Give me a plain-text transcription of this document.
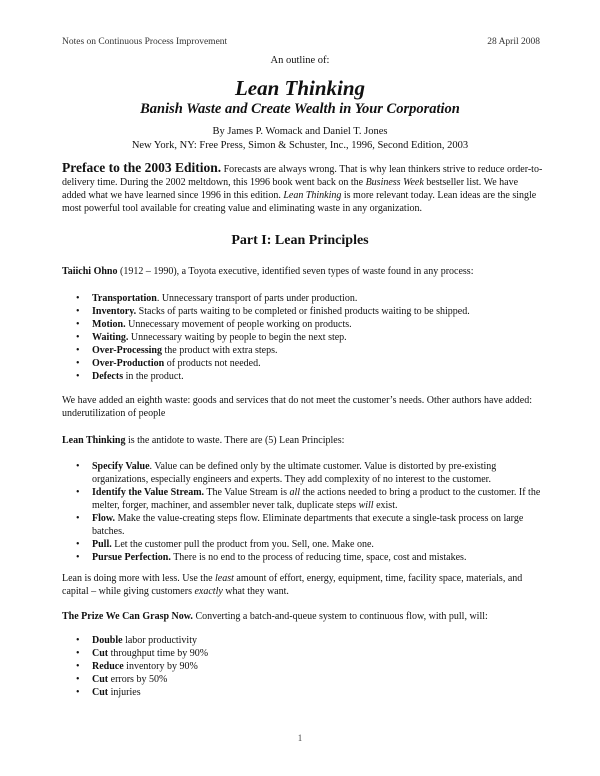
Notes on Continuous Process Improvement	28 April 2008
An outline of:
Lean Thinking
Banish Waste and Create Wealth in Your Corporation
By James P. Womack and Daniel T. Jones
New York, NY: Free Press, Simon & Schuster, Inc., 1996, Second Edition, 2003

Preface to the 2003 Edition. Forecasts are always wrong. That is why lean thinkers strive to reduce order-to-delivery time. During the 2002 meltdown, this 1996 book went back on the Business Week bestseller list. We have added what we have learned since 1996 in this edition. Lean Thinking is more relevant today. Lean ideas are the single most powerful tool available for creating value and eliminating waste in any organization.

Part I: Lean Principles

Taiichi Ohno (1912 – 1990), a Toyota executive, identified seven types of waste found in any process:

• Transportation. Unnecessary transport of parts under production.
• Inventory. Stacks of parts waiting to be completed or finished products waiting to be shipped.
• Motion. Unnecessary movement of people working on products.
• Waiting. Unnecessary waiting by people to begin the next step.
• Over-Processing the product with extra steps.
• Over-Production of products not needed.
• Defects in the product.

We have added an eighth waste: goods and services that do not meet the customer’s needs. Other authors have added: underutilization of people

Lean Thinking is the antidote to waste. There are (5) Lean Principles:

• Specify Value. Value can be defined only by the ultimate customer. Value is distorted by pre-existing organizations, especially engineers and experts. They add complexity of no interest to the customer.
• Identify the Value Stream. The Value Stream is all the actions needed to bring a product to the customer. If the melter, forger, machiner, and assembler never talk, duplicate steps will exist.
• Flow. Make the value-creating steps flow. Eliminate departments that execute a single-task process on large batches.
• Pull. Let the customer pull the product from you. Sell, one. Make one.
• Pursue Perfection. There is no end to the process of reducing time, space, cost and mistakes.

Lean is doing more with less. Use the least amount of effort, energy, equipment, time, facility space, materials, and capital – while giving customers exactly what they want.

The Prize We Can Grasp Now. Converting a batch-and-queue system to continuous flow, with pull, will:

• Double labor productivity
• Cut throughput time by 90%
• Reduce inventory by 90%
• Cut errors by 50%
• Cut injuries
1
